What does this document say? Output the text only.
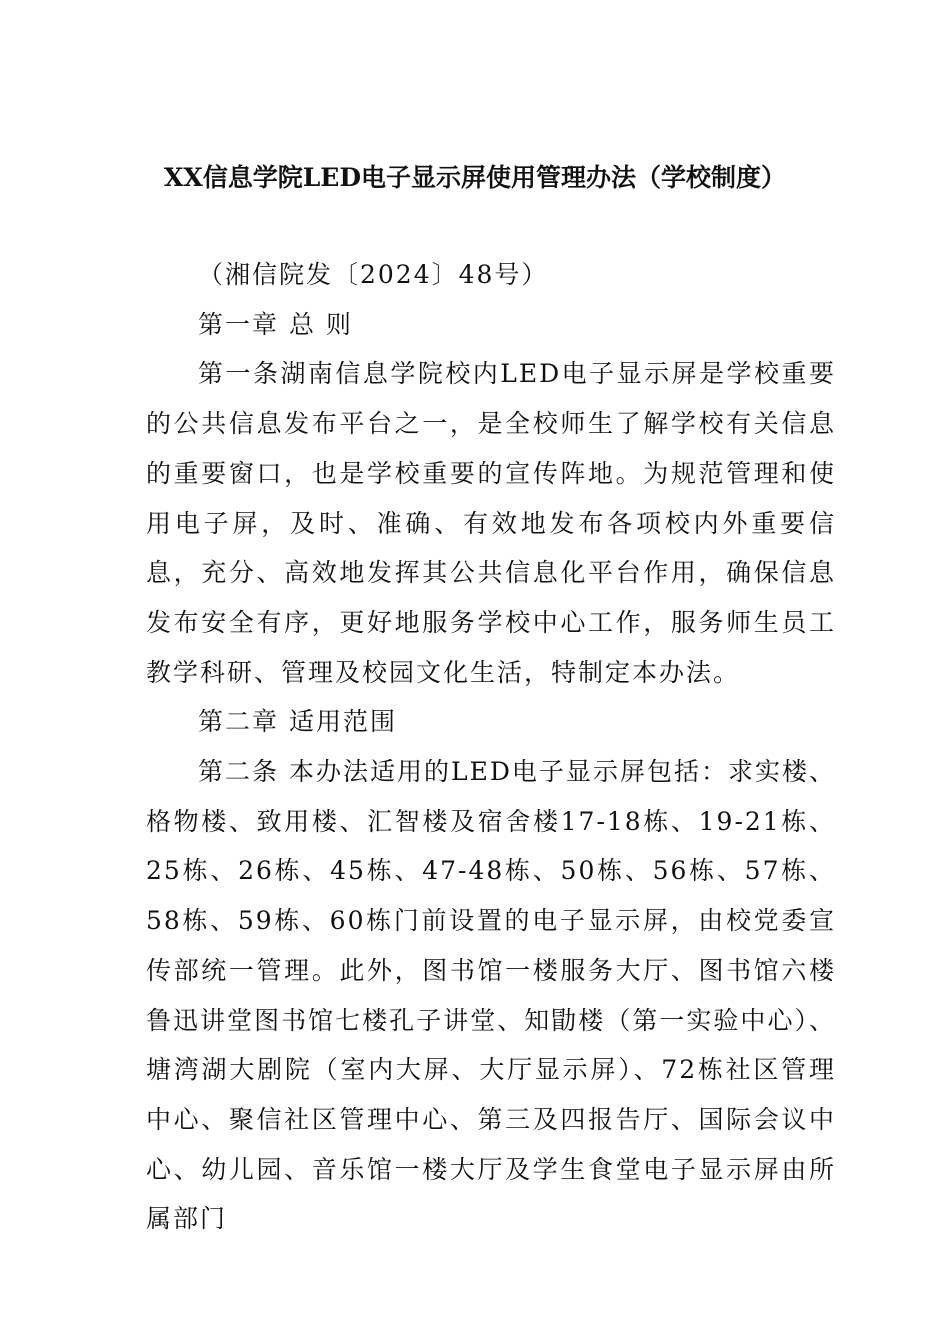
XX信息学院LED电子显示屏使用管理办法（学校制度）

（湘信院发〔2024〕48号）

第一章 总 则

第一条湖南信息学院校内LED电子显示屏是学校重要的公共信息发布平台之一，是全校师生了解学校有关信息的重要窗口，也是学校重要的宣传阵地。为规范管理和使用电子屏，及时、准确、有效地发布各项校内外重要信息，充分、高效地发挥其公共信息化平台作用，确保信息发布安全有序，更好地服务学校中心工作，服务师生员工教学科研、管理及校园文化生活，特制定本办法。

第二章 适用范围

第二条 本办法适用的LED电子显示屏包括：求实楼、格物楼、致用楼、汇智楼及宿舍楼17-18栋、19-21栋、25栋、26栋、45栋、47-48栋、50栋、56栋、57栋、58栋、59栋、60栋门前设置的电子显示屏，由校党委宣传部统一管理。此外，图书馆一楼服务大厅、图书馆六楼鲁迅讲堂图书馆七楼孔子讲堂、知勖楼（第一实验中心）、塘湾湖大剧院（室内大屏、大厅显示屏）、72栋社区管理中心、聚信社区管理中心、第三及四报告厅、国际会议中心、幼儿园、音乐馆一楼大厅及学生食堂电子显示屏由所属部门
